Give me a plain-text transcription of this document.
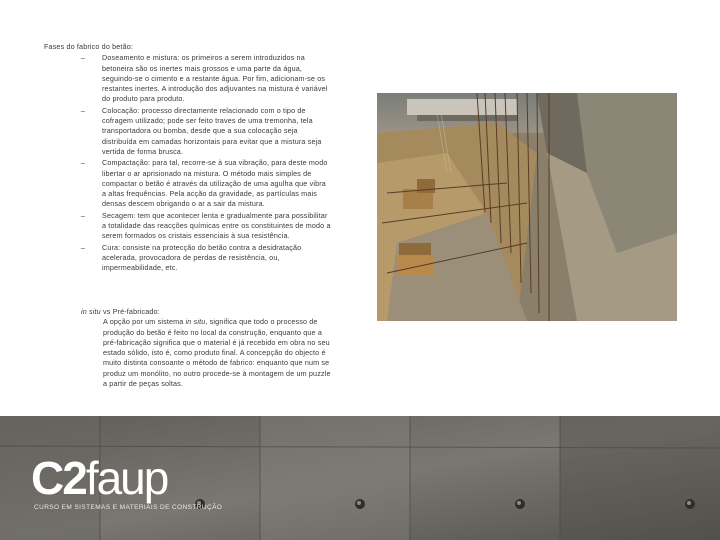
Fases do fabrico do betão:
–	Doseamento e mistura: os primeiros a serem introduzidos na betoneira são os inertes mais grossos e uma parte da água, seguindo-se o cimento e a restante água. Por fim, adicionam-se os restantes inertes. A introdução dos adjuvantes na mistura é variável do produto para produto.
–	Colocação: processo directamente relacionado com o tipo de cofragem utilizado; pode ser feito traves de uma tremonha, tela transportadora ou bomba, desde que a sua colocação seja distribuída em camadas horizontais para evitar que a mistura seja vertida de forma brusca.
–	Compactação: para tal, recorre-se à sua vibração, para deste modo libertar o ar aprisionado na mistura. O método mais simples de compactar o betão é através da utilização de uma agulha que vibra a altas frequências. Pela acção da gravidade, as partículas mais densas descem obrigando o ar a sair da mistura.
–	Secagem: tem que acontecer lenta e gradualmente para possibilitar a totalidade das reacções químicas entre os constituintes de modo a serem formados os cristais essenciais à sua resistência.
–	Cura: consiste na protecção do betão contra a desidratação acelerada, provocadora de perdas de resistência, ou, impermeabilidade, etc.
in situ vs Pré-fabricado:
A opção por um sistema in situ, significa que todo o processo de produção do betão é feito no local da construção, enquanto que a pré-fabricação significa que o material é já recebido em obra no seu estado sólido, isto é, como produto final. A concepção do objecto é muito distinta consoante o método de fabrico: enquanto que num se produz um monólito, no outro procede-se à montagem de um puzzle a partir de peças soltas.
C2faup
CURSO EM SISTEMAS E MATERIAIS DE CONSTRUÇÃO
